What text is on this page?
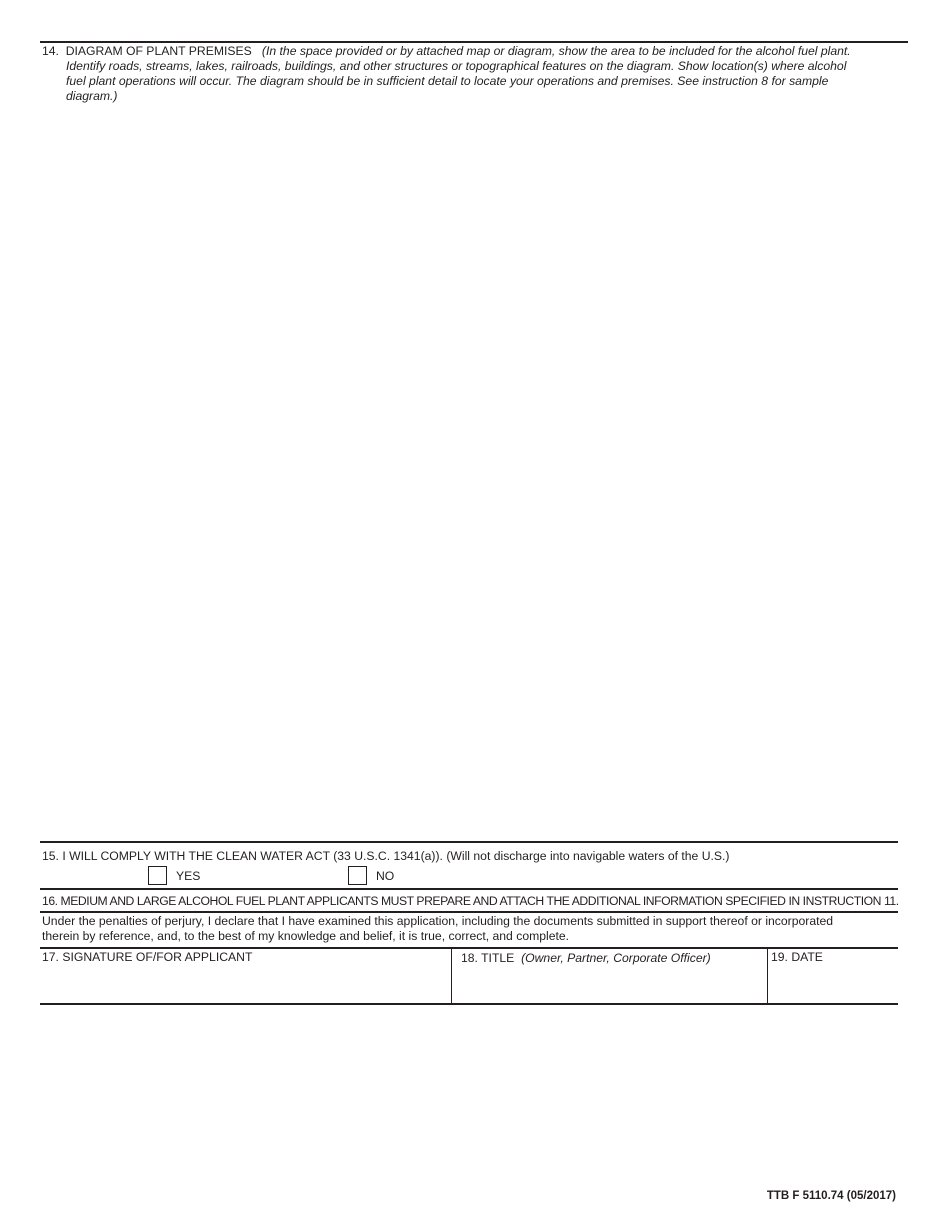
14. DIAGRAM OF PLANT PREMISES (In the space provided or by attached map or diagram, show the area to be included for the alcohol fuel plant.
Identify roads, streams, lakes, railroads, buildings, and other structures or topographical features on the diagram. Show location(s) where alcohol
fuel plant operations will occur. The diagram should be in sufficient detail to locate your operations and premises. See instruction 8 for sample
diagram.)
15. I WILL COMPLY WITH THE CLEAN WATER ACT (33 U.S.C. 1341(a)). (Will not discharge into navigable waters of the U.S.)
YES	NO
16. MEDIUM AND LARGE ALCOHOL FUEL PLANT APPLICANTS MUST PREPARE AND ATTACH THE ADDITIONAL INFORMATION SPECIFIED IN INSTRUCTION 11.
Under the penalties of perjury, I declare that I have examined this application, including the documents submitted in support thereof or incorporated
therein by reference, and, to the best of my knowledge and belief, it is true, correct, and complete.
17. SIGNATURE OF/FOR APPLICANT	18. TITLE (Owner, Partner, Corporate Officer)	19. DATE
TTB F 5110.74 (05/2017)
